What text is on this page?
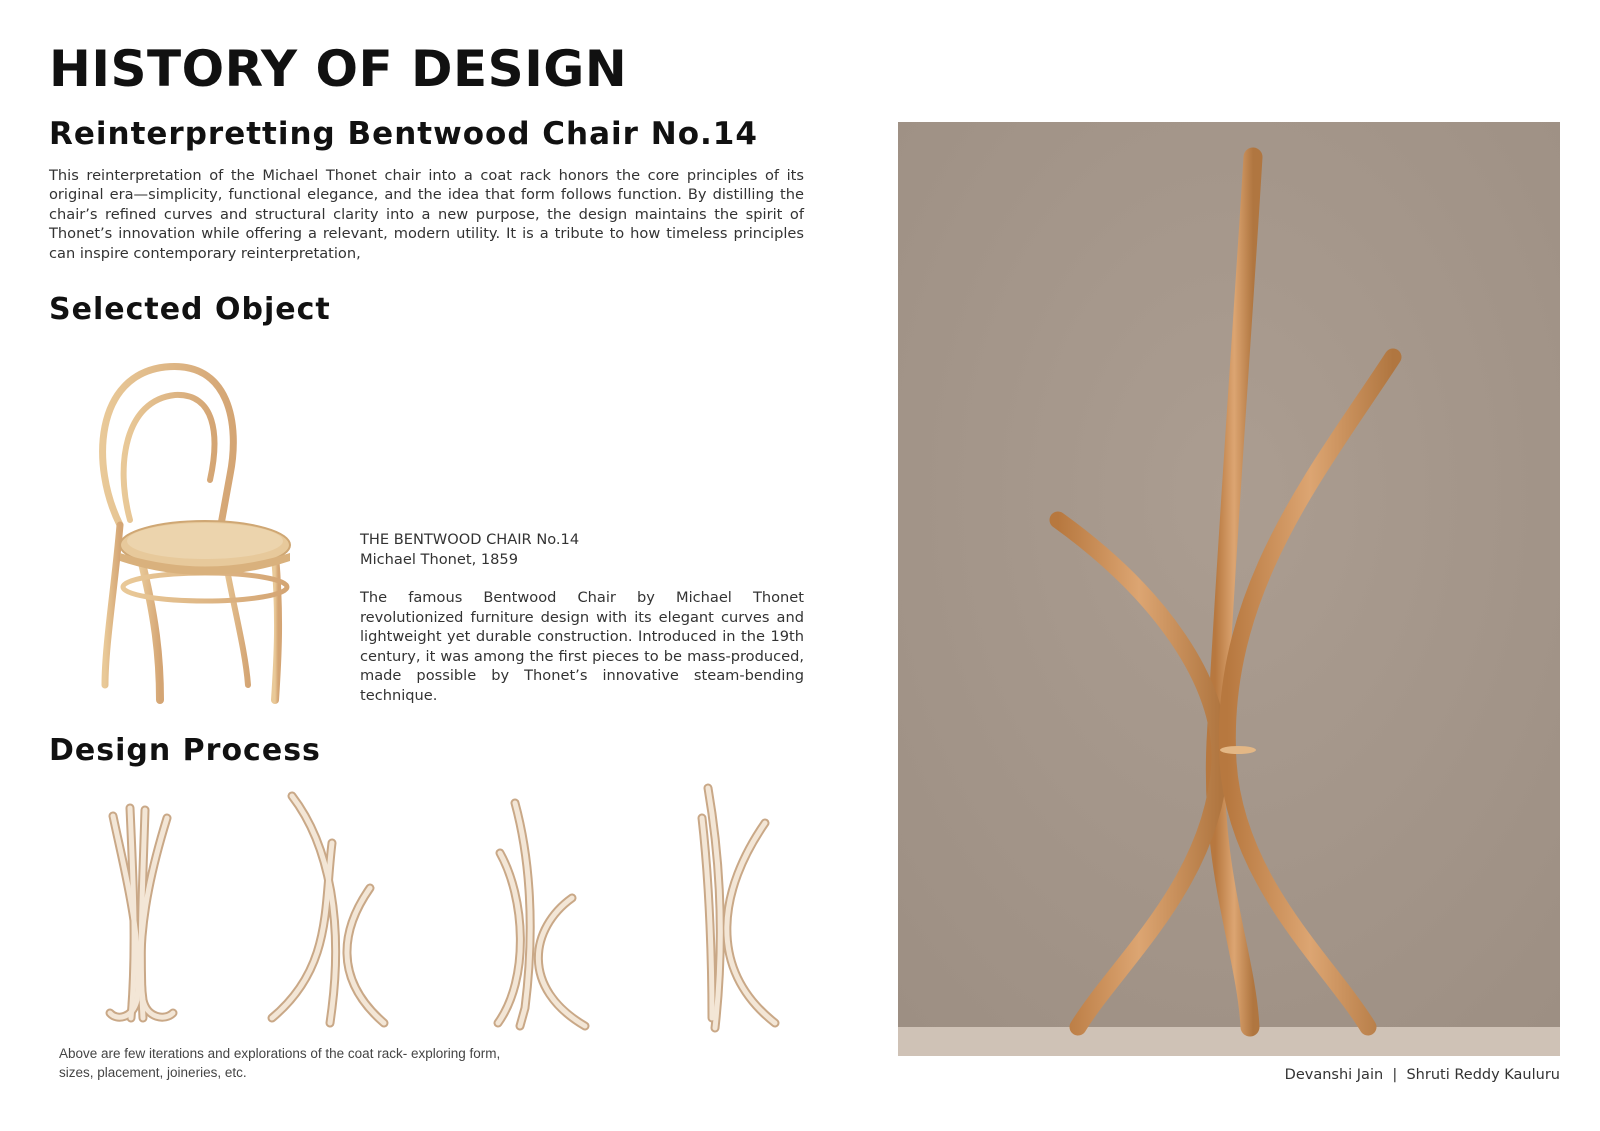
HISTORY OF DESIGN
Reinterpretting Bentwood Chair No.14

This reinterpretation of the Michael Thonet chair into a coat rack honors the core principles of its original era—simplicity, functional elegance, and the idea that form follows function. By distilling the chair’s refined curves and structural clarity into a new purpose, the design maintains the spirit of Thonet’s innovation while offering a relevant, modern utility. It is a tribute to how timeless principles can inspire contemporary reinterpretation,

Selected Object

THE BENTWOOD CHAIR No.14
Michael Thonet, 1859

The famous Bentwood Chair by Michael Thonet revolutionized furniture design with its elegant curves and lightweight yet durable construction. Introduced in the 19th century, it was among the first pieces to be mass-produced, made possible by Thonet’s innovative steam-bending technique.

Design Process

Above are few iterations and explorations of the coat rack- exploring form, sizes, placement, joineries, etc.	Devanshi Jain  |  Shruti Reddy Kauluru
